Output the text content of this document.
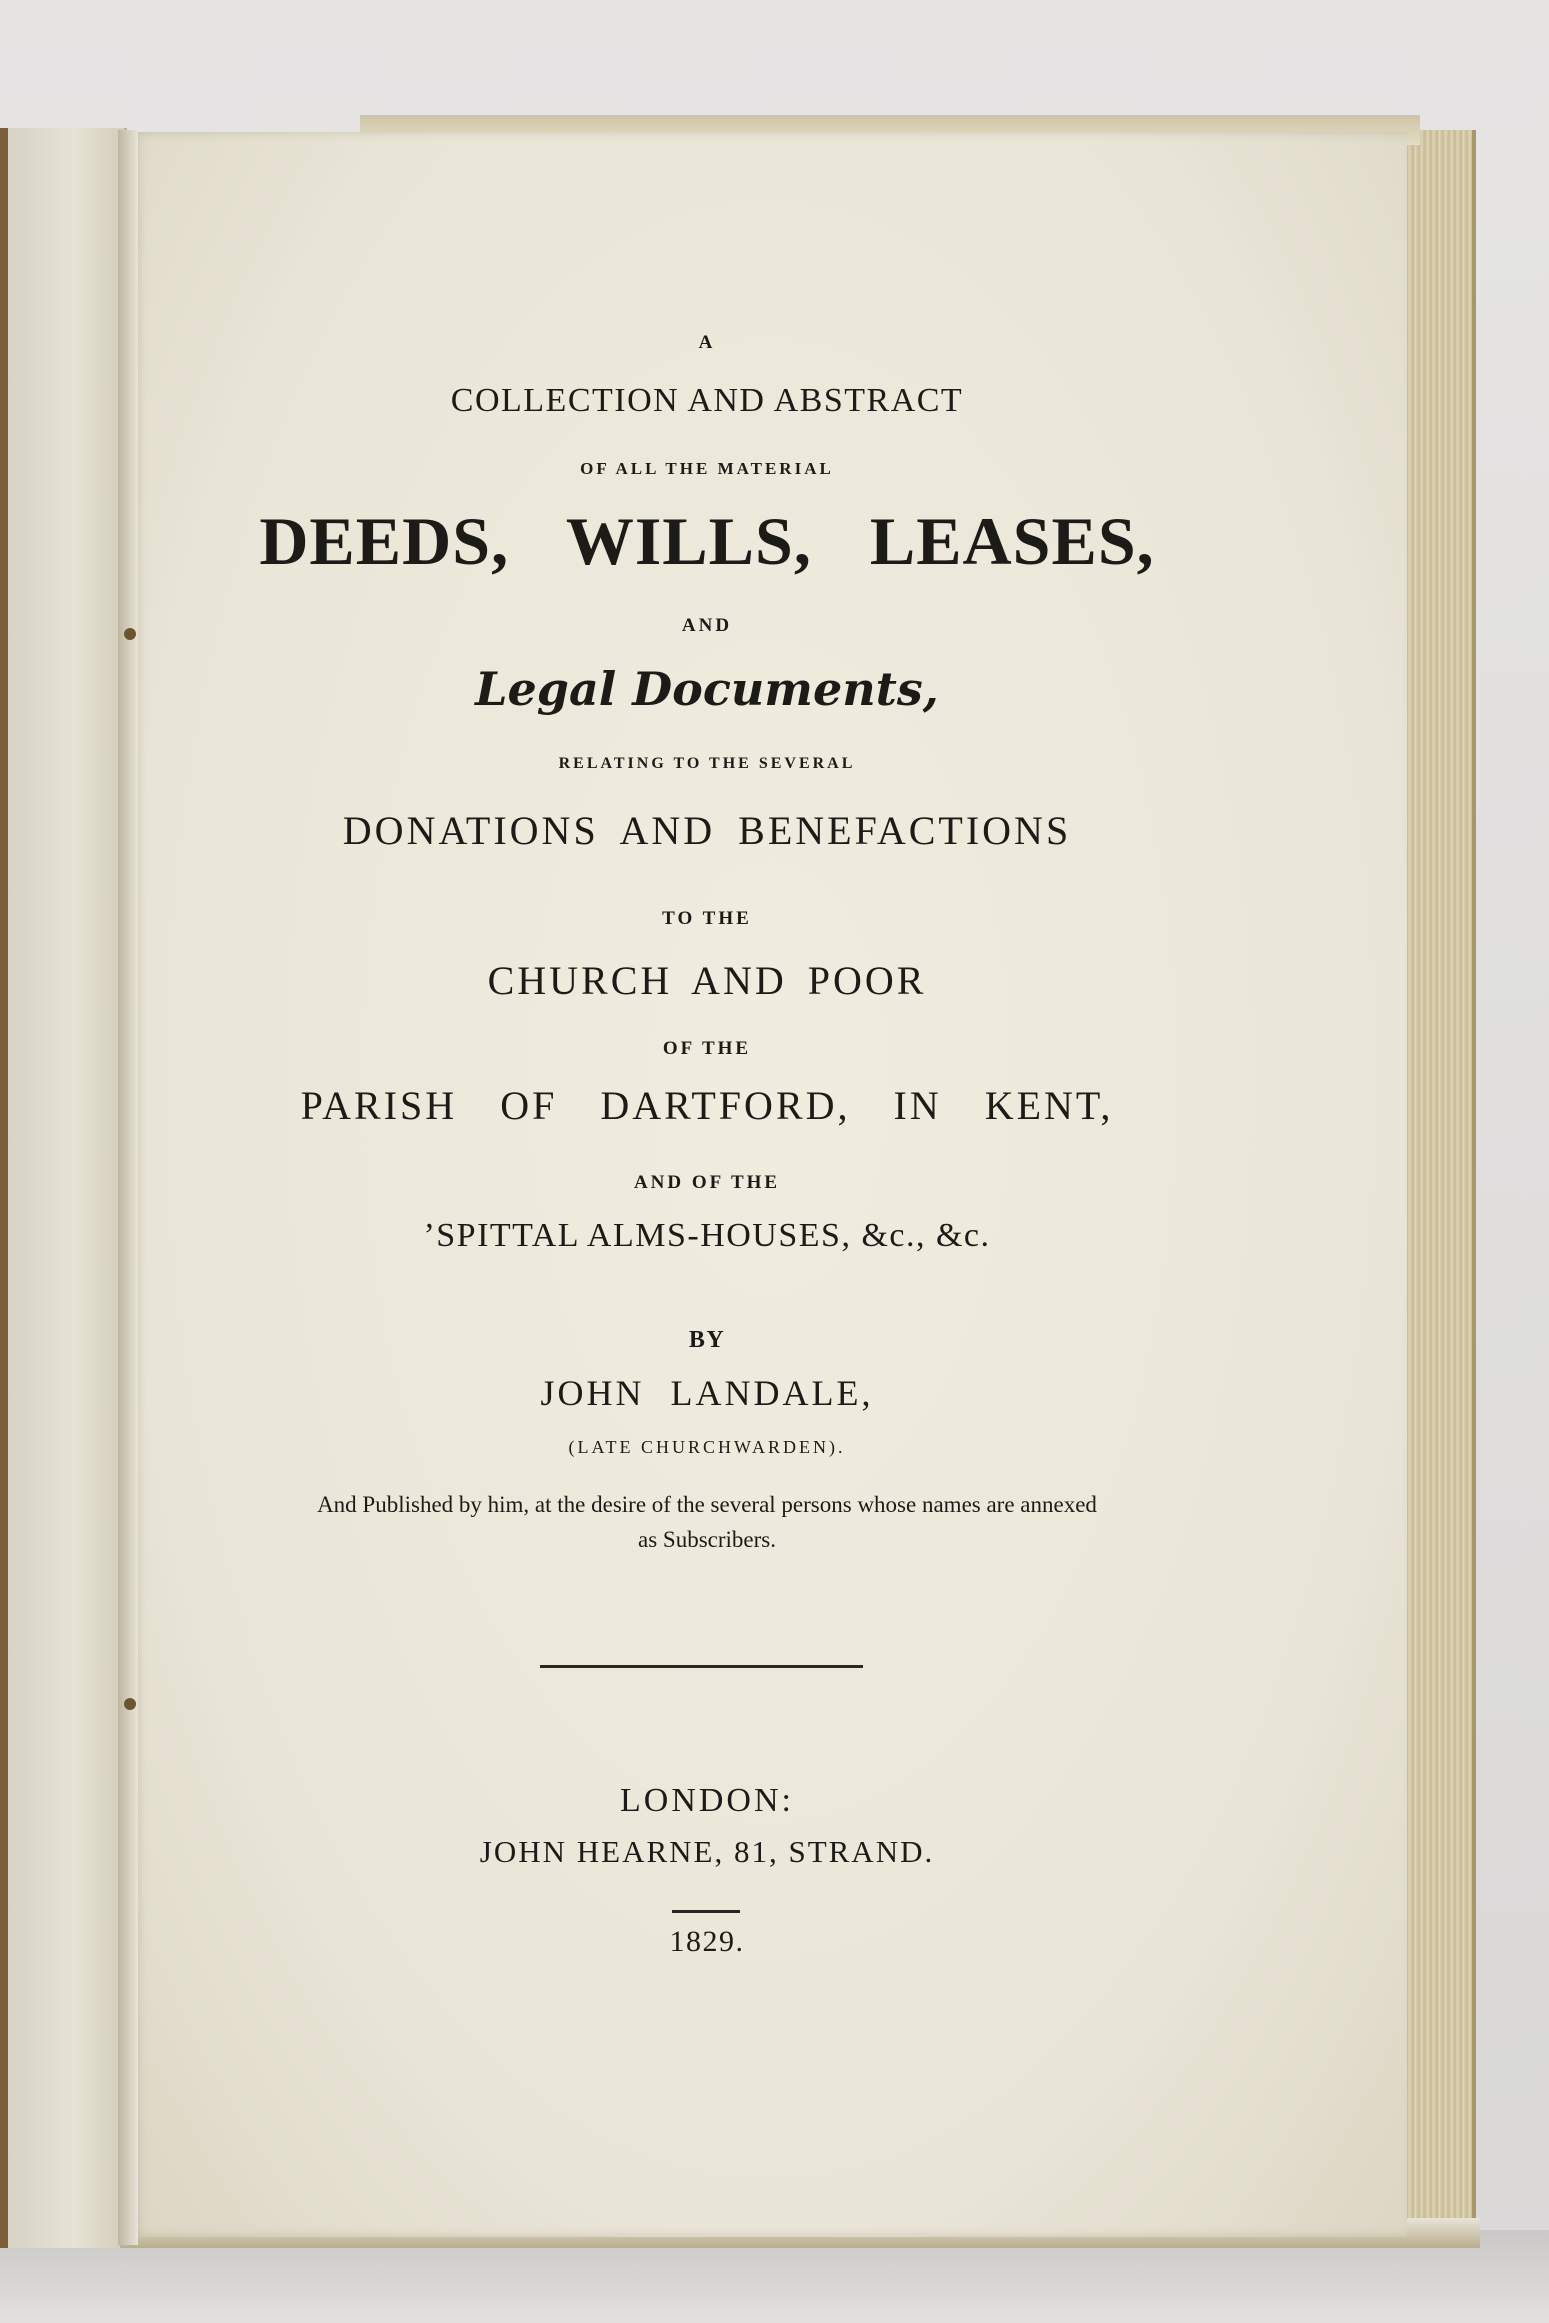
A
COLLECTION AND ABSTRACT
OF ALL THE MATERIAL
DEEDS, WILLS, LEASES,
AND
Legal Documents,
RELATING TO THE SEVERAL
DONATIONS AND BENEFACTIONS
TO THE
CHURCH AND POOR
OF THE
PARISH OF DARTFORD, IN KENT,
AND OF THE
’SPITTAL ALMS-HOUSES, &c., &c.
BY
JOHN LANDALE,
(LATE CHURCHWARDEN).
And Published by him, at the desire of the several persons whose names are annexed
as Subscribers.
LONDON:
JOHN HEARNE, 81, STRAND.
1829.
